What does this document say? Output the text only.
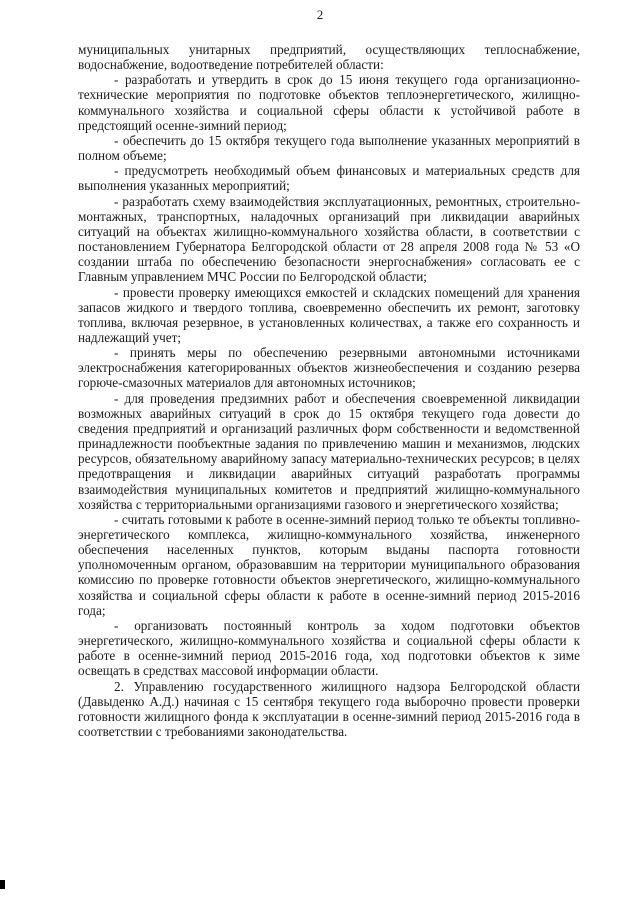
2

муниципальных унитарных предприятий, осуществляющих теплоснабжение, водоснабжение, водоотведение потребителей области:

- разработать и утвердить в срок до 15 июня текущего года организационно-технические мероприятия по подготовке объектов теплоэнергетического, жилищно-коммунального хозяйства и социальной сферы области к устойчивой работе в предстоящий осенне-зимний период;

- обеспечить до 15 октября текущего года выполнение указанных мероприятий в полном объеме;

- предусмотреть необходимый объем финансовых и материальных средств для выполнения указанных мероприятий;

- разработать схему взаимодействия эксплуатационных, ремонтных, строительно-монтажных, транспортных, наладочных организаций при ликвидации аварийных ситуаций на объектах жилищно-коммунального хозяйства области, в соответствии с постановлением Губернатора Белгородской области от 28 апреля 2008 года № 53 «О создании штаба по обеспечению безопасности энергоснабжения» согласовать ее с Главным управлением МЧС России по Белгородской области;

- провести проверку имеющихся емкостей и складских помещений для хранения запасов жидкого и твердого топлива, своевременно обеспечить их ремонт, заготовку топлива, включая резервное, в установленных количествах, а также его сохранность и надлежащий учет;

- принять меры по обеспечению резервными автономными источниками электроснабжения категорированных объектов жизнеобеспечения и созданию резерва горюче-смазочных материалов для автономных источников;

- для проведения предзимних работ и обеспечения своевременной ликвидации возможных аварийных ситуаций в срок до 15 октября текущего года довести до сведения предприятий и организаций различных форм собственности и ведомственной принадлежности пообъектные задания по привлечению машин и механизмов, людских ресурсов, обязательному аварийному запасу материально-технических ресурсов; в целях предотвращения и ликвидации аварийных ситуаций разработать программы взаимодействия муниципальных комитетов и предприятий жилищно-коммунального хозяйства с территориальными организациями газового и энергетического хозяйства;

- считать готовыми к работе в осенне-зимний период только те объекты топливно-энергетического комплекса, жилищно-коммунального хозяйства, инженерного обеспечения населенных пунктов, которым выданы паспорта готовности уполномоченным органом, образовавшим на территории муниципального образования комиссию по проверке готовности объектов энергетического, жилищно-коммунального хозяйства и социальной сферы области к работе в осенне-зимний период 2015-2016 года;

- организовать постоянный контроль за ходом подготовки объектов энергетического, жилищно-коммунального хозяйства и социальной сферы области к работе в осенне-зимний период 2015-2016 года, ход подготовки объектов к зиме освещать в средствах массовой информации области.

2. Управлению государственного жилищного надзора Белгородской области (Давыденко А.Д.) начиная с 15 сентября текущего года выборочно провести проверки готовности жилищного фонда к эксплуатации в осенне-зимний период 2015-2016 года в соответствии с требованиями законодательства.
